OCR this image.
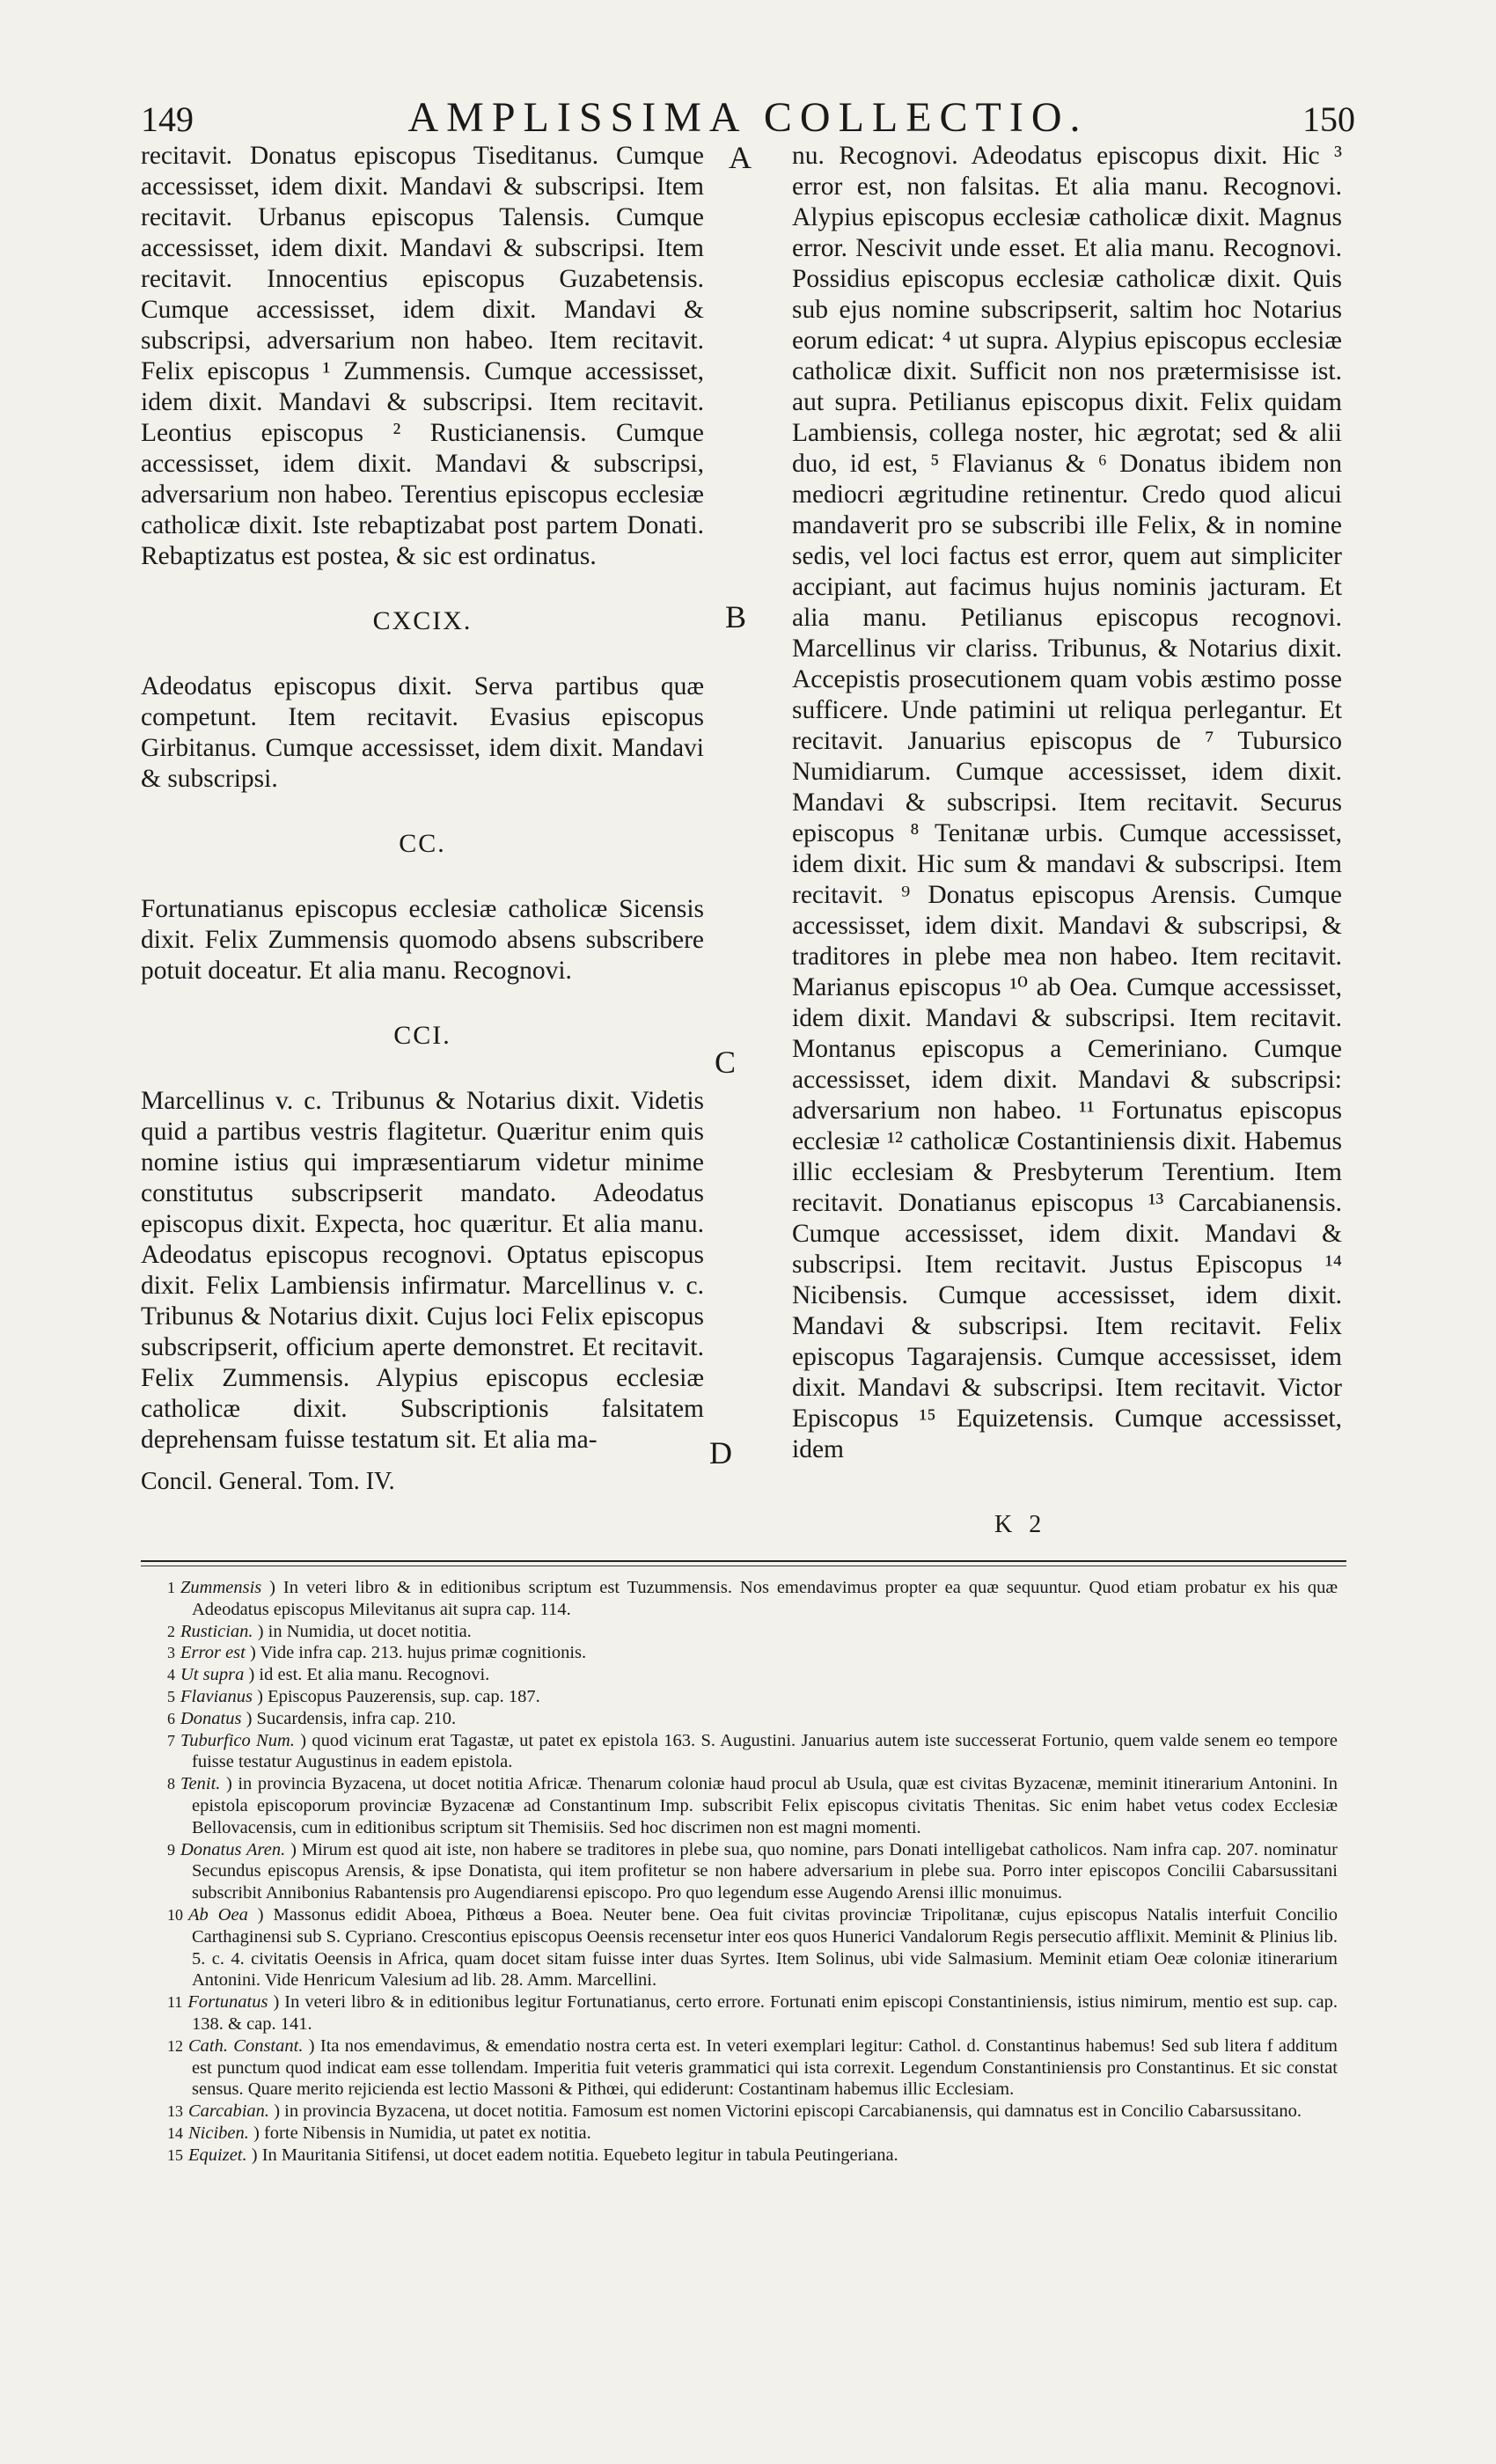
149	AMPLISSIMA COLLECTIO.	150
A
B
C
D

recitavit. Donatus episcopus Tiseditanus. Cumque accessisset, idem dixit. Mandavi & subscripsi. Item recitavit. Urbanus episcopus Talensis. Cumque accessisset, idem dixit. Mandavi & subscripsi. Item recitavit. Innocentius episcopus Guzabetensis. Cumque accessisset, idem dixit. Mandavi & subscripsi, adversarium non habeo. Item recitavit. Felix episcopus ¹ Zummensis. Cumque accessisset, idem dixit. Mandavi & subscripsi. Item recitavit. Leontius episcopus ² Rusticianensis. Cumque accessisset, idem dixit. Mandavi & subscripsi, adversarium non habeo. Terentius episcopus ecclesiæ catholicæ dixit. Iste rebaptizabat post partem Donati. Rebaptizatus est postea, & sic est ordinatus.

CXCIX.

Adeodatus episcopus dixit. Serva partibus quæ competunt. Item recitavit. Evasius episcopus Girbitanus. Cumque accessisset, idem dixit. Mandavi & subscripsi.

CC.

Fortunatianus episcopus ecclesiæ catholicæ Sicensis dixit. Felix Zummensis quomodo absens subscribere potuit doceatur. Et alia manu. Recognovi.

CCI.

Marcellinus v. c. Tribunus & Notarius dixit. Videtis quid a partibus vestris flagitetur. Quæritur enim quis nomine istius qui impræsentiarum videtur minime constitutus subscripserit mandato. Adeodatus episcopus dixit. Expecta, hoc quæritur. Et alia manu. Adeodatus episcopus recognovi. Optatus episcopus dixit. Felix Lambiensis infirmatur. Marcellinus v. c. Tribunus & Notarius dixit. Cujus loci Felix episcopus subscripserit, officium aperte demonstret. Et recitavit. Felix Zummensis. Alypius episcopus ecclesiæ catholicæ dixit. Subscriptionis falsitatem deprehensam fuisse testatum sit. Et alia ma-

Concil. General. Tom. IV.

nu. Recognovi. Adeodatus episcopus dixit. Hic ³ error est, non falsitas. Et alia manu. Recognovi. Alypius episcopus ecclesiæ catholicæ dixit. Magnus error. Nescivit unde esset. Et alia manu. Recognovi. Possidius episcopus ecclesiæ catholicæ dixit. Quis sub ejus nomine subscripserit, saltim hoc Notarius eorum edicat: ⁴ ut supra. Alypius episcopus ecclesiæ catholicæ dixit. Sufficit non nos prætermisisse ist. aut supra. Petilianus episcopus dixit. Felix quidam Lambiensis, collega noster, hic ægrotat; sed & alii duo, id est, ⁵ Flavianus & ⁶ Donatus ibidem non mediocri ægritudine retinentur. Credo quod alicui mandaverit pro se subscribi ille Felix, & in nomine sedis, vel loci factus est error, quem aut simpliciter accipiant, aut facimus hujus nominis jacturam. Et alia manu. Petilianus episcopus recognovi. Marcellinus vir clariss. Tribunus, & Notarius dixit. Accepistis prosecutionem quam vobis æstimo posse sufficere. Unde patimini ut reliqua perlegantur. Et recitavit. Januarius episcopus de ⁷ Tubursico Numidiarum. Cumque accessisset, idem dixit. Mandavi & subscripsi. Item recitavit. Securus episcopus ⁸ Tenitanæ urbis. Cumque accessisset, idem dixit. Hic sum & mandavi & subscripsi. Item recitavit. ⁹ Donatus episcopus Arensis. Cumque accessisset, idem dixit. Mandavi & subscripsi, & traditores in plebe mea non habeo. Item recitavit. Marianus episcopus ¹⁰ ab Oea. Cumque accessisset, idem dixit. Mandavi & subscripsi. Item recitavit. Montanus episcopus a Cemeriniano. Cumque accessisset, idem dixit. Mandavi & subscripsi: adversarium non habeo. ¹¹ Fortunatus episcopus ecclesiæ ¹² catholicæ Costantiniensis dixit. Habemus illic ecclesiam & Presbyterum Terentium. Item recitavit. Donatianus episcopus ¹³ Carcabianensis. Cumque accessisset, idem dixit. Mandavi & subscripsi. Item recitavit. Justus Episcopus ¹⁴ Nicibensis. Cumque accessisset, idem dixit. Mandavi & subscripsi. Item recitavit. Felix episcopus Tagarajensis. Cumque accessisset, idem dixit. Mandavi & subscripsi. Item recitavit. Victor Episcopus ¹⁵ Equizetensis. Cumque accessisset, idem

K 2

1 Zummensis ) In veteri libro & in editionibus scriptum est Tuzummensis. Nos emendavimus propter ea quæ sequuntur. Quod etiam probatur ex his quæ Adeodatus episcopus Milevitanus ait supra cap. 114.

2 Rustician. ) in Numidia, ut docet notitia.

3 Error est ) Vide infra cap. 213. hujus primæ cognitionis.

4 Ut supra ) id est. Et alia manu. Recognovi.

5 Flavianus ) Episcopus Pauzerensis, sup. cap. 187.

6 Donatus ) Sucardensis, infra cap. 210.

7 Tuburfico Num. ) quod vicinum erat Tagastæ, ut patet ex epistola 163. S. Augustini. Januarius autem iste successerat Fortunio, quem valde senem eo tempore fuisse testatur Augustinus in eadem epistola.

8 Tenit. ) in provincia Byzacena, ut docet notitia Africæ. Thenarum coloniæ haud procul ab Usula, quæ est civitas Byzacenæ, meminit itinerarium Antonini. In epistola episcoporum provinciæ Byzacenæ ad Constantinum Imp. subscribit Felix episcopus civitatis Thenitas. Sic enim habet vetus codex Ecclesiæ Bellovacensis, cum in editionibus scriptum sit Themisiis. Sed hoc discrimen non est magni momenti.

9 Donatus Aren. ) Mirum est quod ait iste, non habere se traditores in plebe sua, quo nomine, pars Donati intelligebat catholicos. Nam infra cap. 207. nominatur Secundus episcopus Arensis, & ipse Donatista, qui item profitetur se non habere adversarium in plebe sua. Porro inter episcopos Concilii Cabarsussitani subscribit Annibonius Rabantensis pro Augendiarensi episcopo. Pro quo legendum esse Augendo Arensi illic monuimus.

10 Ab Oea ) Massonus edidit Aboea, Pithœus a Boea. Neuter bene. Oea fuit civitas provinciæ Tripolitanæ, cujus episcopus Natalis interfuit Concilio Carthaginensi sub S. Cypriano. Crescontius episcopus Oeensis recensetur inter eos quos Hunerici Vandalorum Regis persecutio afflixit. Meminit & Plinius lib. 5. c. 4. civitatis Oeensis in Africa, quam docet sitam fuisse inter duas Syrtes. Item Solinus, ubi vide Salmasium. Meminit etiam Oeæ coloniæ itinerarium Antonini. Vide Henricum Valesium ad lib. 28. Amm. Marcellini.

11 Fortunatus ) In veteri libro & in editionibus legitur Fortunatianus, certo errore. Fortunati enim episcopi Constantiniensis, istius nimirum, mentio est sup. cap. 138. & cap. 141.

12 Cath. Constant. ) Ita nos emendavimus, & emendatio nostra certa est. In veteri exemplari legitur: Cathol. d. Constantinus habemus! Sed sub litera f additum est punctum quod indicat eam esse tollendam. Imperitia fuit veteris grammatici qui ista correxit. Legendum Constantiniensis pro Constantinus. Et sic constat sensus. Quare merito rejicienda est lectio Massoni & Pithœi, qui ediderunt: Costantinam habemus illic Ecclesiam.

13 Carcabian. ) in provincia Byzacena, ut docet notitia. Famosum est nomen Victorini episcopi Carcabianensis, qui damnatus est in Concilio Cabarsussitano.

14 Niciben. ) forte Nibensis in Numidia, ut patet ex notitia.

15 Equizet. ) In Mauritania Sitifensi, ut docet eadem notitia. Equebeto legitur in tabula Peutingeriana.
